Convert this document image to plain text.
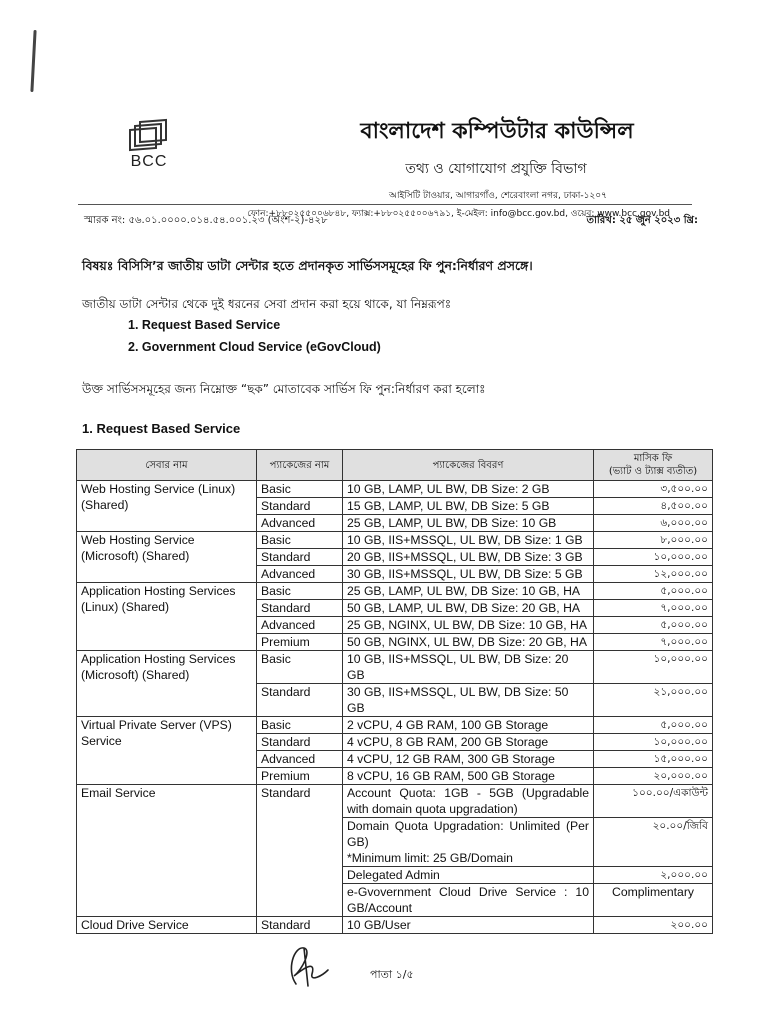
BCC
বাংলাদেশ কম্পিউটার কাউন্সিল
তথ্য ও যোগাযোগ প্রযুক্তি বিভাগ
আইসিটি টাওয়ার, আগারগাঁও, শেরেবাংলা নগর, ঢাকা-১২০৭
ফোন:+৮৮০২৫৫০০৬৮৪৮, ফ্যাক্স:+৮৮০২৫৫০০৬৭৯১, ই-মেইল: info@bcc.gov.bd, ওয়েব: www.bcc.gov.bd
স্মারক নং: ৫৬.০১.০০০০.০১৪.৫৪.০০১.২৩ (অংশ-২)-৪২৮	তারিখ: ২৫ জুন ২০২৩ খ্রি:
বিষয়ঃ বিসিসি’র জাতীয় ডাটা সেন্টার হতে প্রদানকৃত সার্ভিসসমূহের ফি পুন:নির্ধারণ প্রসঙ্গে।
জাতীয় ডাটা সেন্টার থেকে দুই ধরনের সেবা প্রদান করা হয়ে থাকে, যা নিম্নরূপঃ
1. Request Based Service
2. Government Cloud Service (eGovCloud)
উক্ত সার্ভিসসমূহের জন্য নিম্নোক্ত “ছক” মোতাবেক সার্ভিস ফি পুন:নির্ধারণ করা হলোঃ
1. Request Based Service
সেবার নাম	প্যাকেজের নাম	প্যাকেজের বিবরণ	মাসিক ফি
(ভ্যাট ও ট্যাক্স ব্যতীত)

Web Hosting Service (Linux) (Shared)	Basic	10 GB, LAMP, UL BW, DB Size: 2 GB	৩,৫০০.০০
	Standard	15 GB, LAMP, UL BW, DB Size: 5 GB	৪,৫০০.০০
	Advanced	25 GB, LAMP, UL BW, DB Size: 10 GB	৬,০০০.০০
Web Hosting Service (Microsoft) (Shared)	Basic	10 GB, IIS+MSSQL, UL BW, DB Size: 1 GB	৮,০০০.০০
	Standard	20 GB, IIS+MSSQL, UL BW, DB Size: 3 GB	১০,০০০.০০
	Advanced	30 GB, IIS+MSSQL, UL BW, DB Size: 5 GB	১২,০০০.০০
Application Hosting Services (Linux) (Shared)	Basic	25 GB, LAMP, UL BW, DB Size: 10 GB, HA	৫,০০০.০০
	Standard	50 GB, LAMP, UL BW, DB Size: 20 GB, HA	৭,০০০.০০
	Advanced	25 GB, NGINX, UL BW, DB Size: 10 GB, HA	৫,০০০.০০
	Premium	50 GB, NGINX, UL BW, DB Size: 20 GB, HA	৭,০০০.০০
Application Hosting Services (Microsoft) (Shared)	Basic	10 GB, IIS+MSSQL, UL BW, DB Size: 20 GB	১০,০০০.০০
	Standard	30 GB, IIS+MSSQL, UL BW, DB Size: 50 GB	২১,০০০.০০
Virtual Private Server (VPS) Service	Basic	2 vCPU, 4 GB RAM, 100 GB Storage	৫,০০০.০০
	Standard	4 vCPU, 8 GB RAM, 200 GB Storage	১০,০০০.০০
	Advanced	4 vCPU, 12 GB RAM, 300 GB Storage	১৫,০০০.০০
	Premium	8 vCPU, 16 GB RAM, 500 GB Storage	২০,০০০.০০
Email Service	Standard	Account Quota: 1GB - 5GB (Upgradable with domain quota upgradation)	১০০.০০/একাউন্ট

		Domain Quota Upgradation: Unlimited (Per GB)
*Minimum limit: 25 GB/Domain	২০.০০/জিবি
		Delegated Admin	২,০০০.০০
		e-Gvovernment Cloud Drive Service : 10 GB/Account	Complimentary
Cloud Drive Service	Standard	10 GB/User	২০০.০০
পাতা ১/৫
